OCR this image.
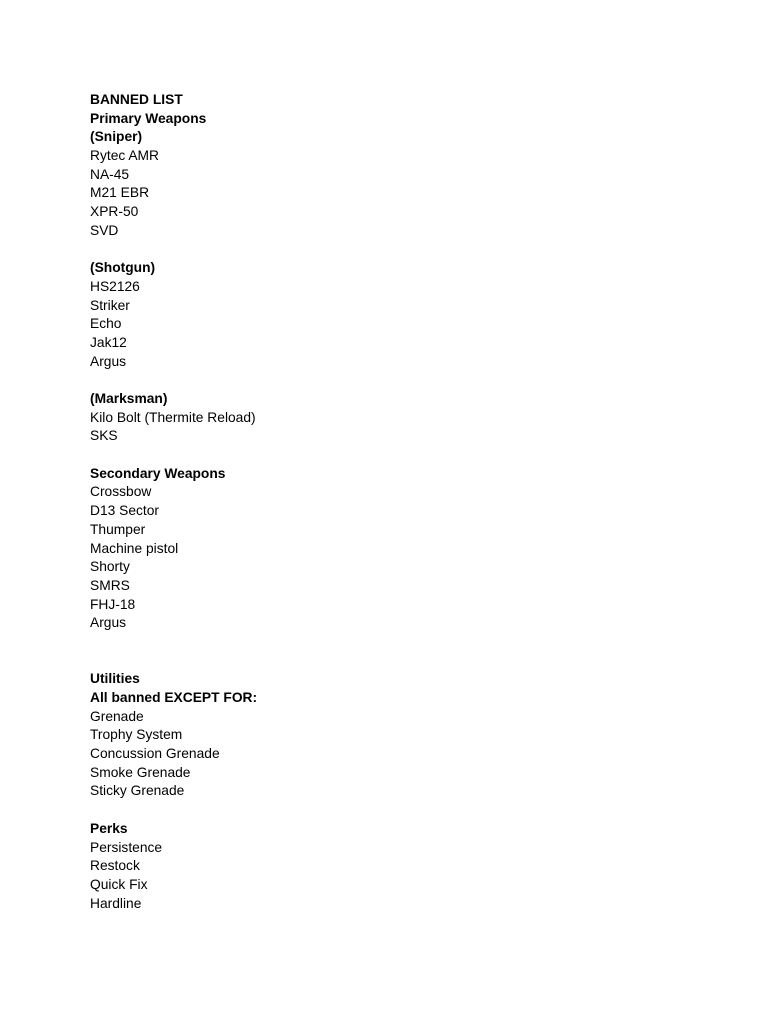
BANNED LIST
Primary Weapons
(Sniper)
Rytec AMR
NA-45
M21 EBR
XPR-50
SVD
(Shotgun)
HS2126
Striker
Echo
Jak12
Argus
(Marksman)
Kilo Bolt (Thermite Reload)
SKS
Secondary Weapons
Crossbow
D13 Sector
Thumper
Machine pistol
Shorty
SMRS
FHJ-18
Argus
Utilities
All banned EXCEPT FOR:
Grenade
Trophy System
Concussion Grenade
Smoke Grenade
Sticky Grenade
Perks
Persistence
Restock
Quick Fix
Hardline
